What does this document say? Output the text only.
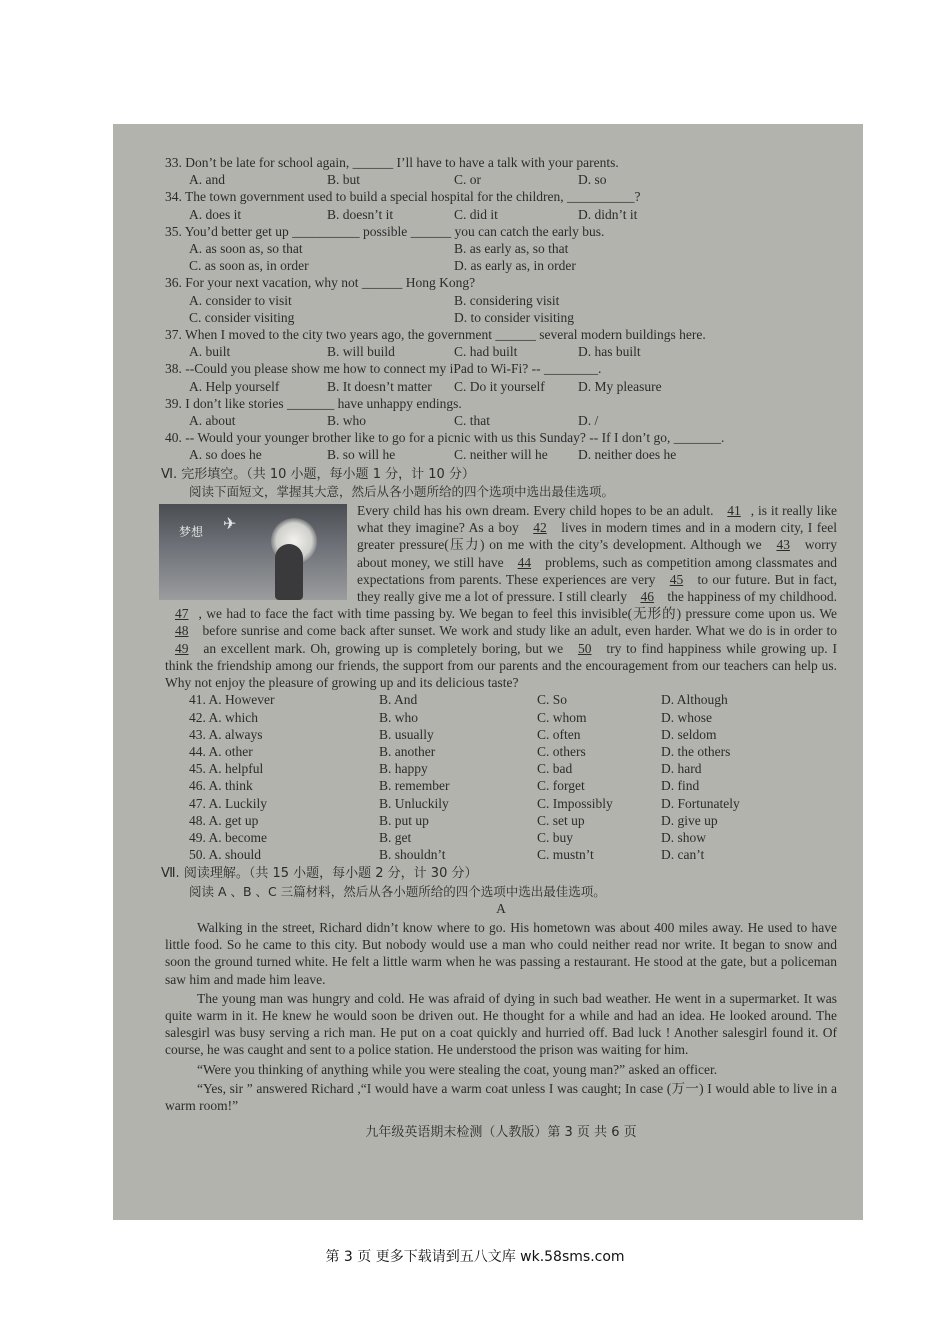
33. Don’t be late for school again, ______ I’ll have to have a talk with your parents.

A. and	B. but	C. or	D. so

34. The town government used to build a special hospital for the children, __________?

A. does it	B. doesn’t it	C. did it	D. didn’t it

35. You’d better get up __________ possible ______ you can catch the early bus.

A. as soon as, so that	B. as early as, so that
C. as soon as, in order	D. as early as, in order

36. For your next vacation, why not ______ Hong Kong?

A. consider to visit	B. considering visit
C. consider visiting	D. to consider visiting

37. When I moved to the city two years ago, the government ______ several modern buildings here.

A. built	B. will build	C. had built	D. has built

38. --Could you please show me how to connect my iPad to Wi-Fi? -- ________.

A. Help yourself	B. It doesn’t matter	C. Do it yourself	D. My pleasure

39. I don’t like stories _______ have unhappy endings.

A. about	B. who	C. that	D. /

40. -- Would your younger brother like to go for a picnic with us this Sunday? -- If I don’t go, _______.

A. so does he	B. so will he	C. neither will he	D. neither does he
Ⅵ. 完形填空。（共 10 小题，每小题 1 分，计 10 分）
阅读下面短文，掌握其大意，然后从各小题所给的四个选项中选出最佳选项。
✈
梦想

Every child has his own dream. Every child hopes to be an adult. 41 , is it really like what they imagine? As a boy 42 lives in modern times and in a modern city, I feel greater pressure(压力) on me with the city’s development. Although we 43 worry about money, we still have 44 problems, such as competition among classmates and expectations from parents. These experiences are very 45 to our future. But in fact, they really give me a lot of pressure. I still clearly 46 the happiness of my childhood. 47 , we had to face the fact with time passing by. We began to feel this invisible(无形的) pressure come upon us. We 48 before sunrise and come back after sunset. We work and study like an adult, even harder. What we do is in order to 49 an excellent mark. Oh, growing up is completely boring, but we 50 try to find happiness while growing up. I think the friendship among our friends, the support from our parents and the encouragement from our teachers can help us. Why not enjoy the pleasure of growing up and its delicious taste?

41. A. However	B. And	C. So	D. Although
42. A. which	B. who	C. whom	D. whose
43. A. always	B. usually	C. often	D. seldom
44. A. other	B. another	C. others	D. the others
45. A. helpful	B. happy	C. bad	D. hard
46. A. think	B. remember	C. forget	D. find
47. A. Luckily	B. Unluckily	C. Impossibly	D. Fortunately
48. A. get up	B. put up	C. set up	D. give up
49. A. become	B. get	C. buy	D. show
50. A. should	B. shouldn’t	C. mustn’t	D. can’t
Ⅶ. 阅读理解。（共 15 小题，每小题 2 分，计 30 分）
阅读 A 、B 、C 三篇材料，然后从各小题所给的四个选项中选出最佳选项。

A

Walking in the street, Richard didn’t know where to go. His hometown was about 400 miles away. He used to have little food. So he came to this city. But nobody would use a man who could neither read nor write. It began to snow and soon the ground turned white. He felt a little warm when he was passing a restaurant. He stood at the gate, but a policeman saw him and made him leave.

The young man was hungry and cold. He was afraid of dying in such bad weather. He went in a supermarket. It was quite warm in it. He knew he would soon be driven out. He thought for a while and had an idea. He looked around. The salesgirl was busy serving a rich man. He put on a coat quickly and hurried off. Bad luck ! Another salesgirl found it. Of course, he was caught and sent to a police station. He understood the prison was waiting for him.

“Were you thinking of anything while you were stealing the coat, young man?” asked an officer.

“Yes, sir ” answered Richard ,“I would have a warm coat unless I was caught; In case (万一) I would able to live in a warm room!”

九年级英语期末检测（人教版）第 3 页 共 6 页
第 3 页 更多下载请到五八文库 wk.58sms.com
